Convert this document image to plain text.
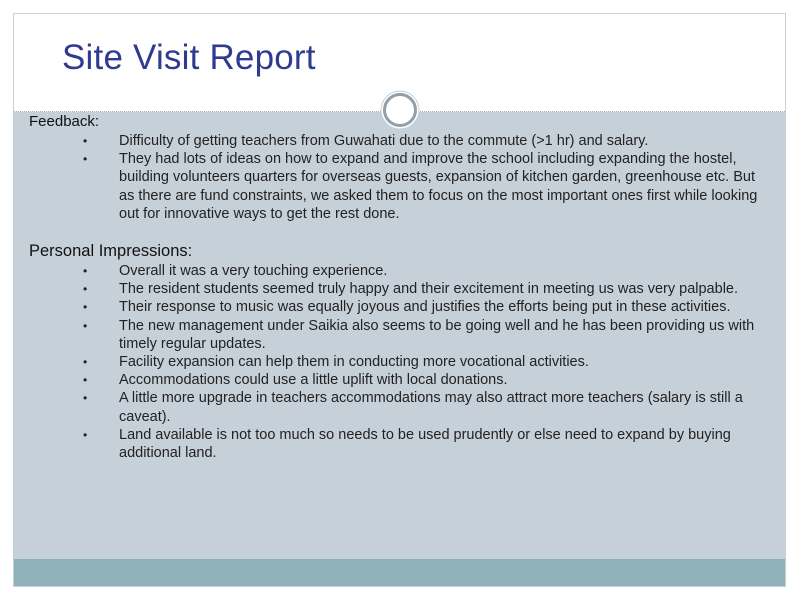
Site Visit Report

Feedback:

• Difficulty of getting teachers from Guwahati due to the commute (>1 hr) and salary.
• They had lots of ideas on how to expand and improve the school including expanding the hostel, building volunteers quarters for overseas guests, expansion of kitchen garden, greenhouse etc. But as there are fund constraints, we asked them to focus on the most important ones first while looking out for innovative ways to get the rest done.

Personal Impressions:

• Overall it was a very touching experience.
• The resident students seemed truly happy and their excitement in meeting us was very palpable.
• Their response to music was equally joyous and justifies the efforts being put in these activities.
• The new management under Saikia also seems to be going well and he has been providing us with timely regular updates.
• Facility expansion can help them in conducting more vocational activities.
• Accommodations could use a little uplift with local donations.
• A little more upgrade in teachers accommodations may also attract more teachers (salary is still a caveat).
• Land available is not too much so needs to be used prudently or else need to expand by buying additional land.
